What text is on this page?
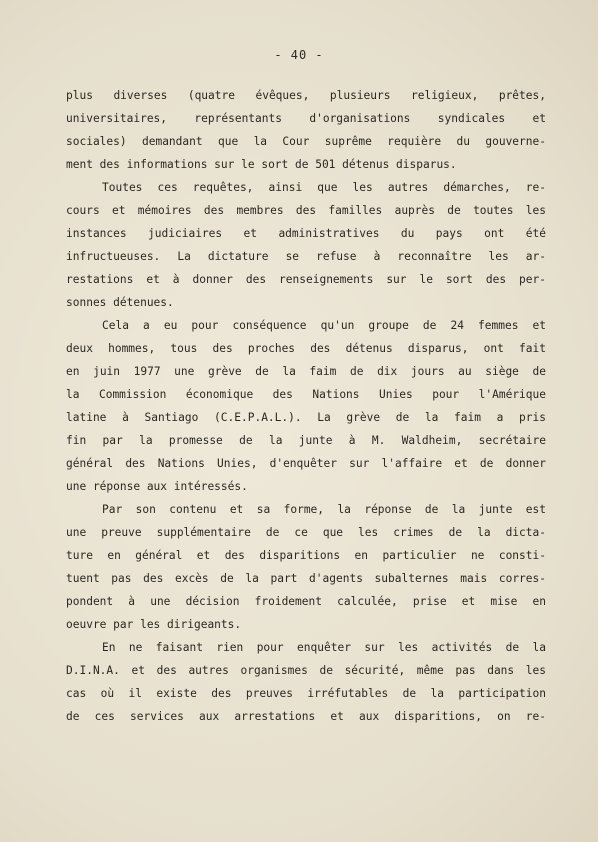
- 40 -
plus diverses (quatre évêques, plusieurs religieux, prêtes,
universitaires, représentants d'organisations syndicales et
sociales) demandant que la Cour suprême requière du gouverne-
ment des informations sur le sort de 501 détenus disparus.
Toutes ces requêtes, ainsi que les autres démarches, re-
cours et mémoires des membres des familles auprès de toutes les
instances judiciaires et administratives du pays ont été
infructueuses. La dictature se refuse à reconnaître les ar-
restations et à donner des renseignements sur le sort des per-
sonnes détenues.
Cela a eu pour conséquence qu'un groupe de 24 femmes et
deux hommes, tous des proches des détenus disparus, ont fait
en juin 1977 une grève de la faim de dix jours au siège de
la Commission économique des Nations Unies pour l'Amérique
latine à Santiago (C.E.P.A.L.). La grève de la faim a pris
fin par la promesse de la junte à M. Waldheim, secrétaire
général des Nations Unies, d'enquêter sur l'affaire et de donner
une réponse aux intéressés.
Par son contenu et sa forme, la réponse de la junte est
une preuve supplémentaire de ce que les crimes de la dicta-
ture en général et des disparitions en particulier ne consti-
tuent pas des excès de la part d'agents subalternes mais corres-
pondent à une décision froidement calculée, prise et mise en
oeuvre par les dirigeants.
En ne faisant rien pour enquêter sur les activités de la
D.I.N.A. et des autres organismes de sécurité, même pas dans les
cas où il existe des preuves irréfutables de la participation
de ces services aux arrestations et aux disparitions, on re-
